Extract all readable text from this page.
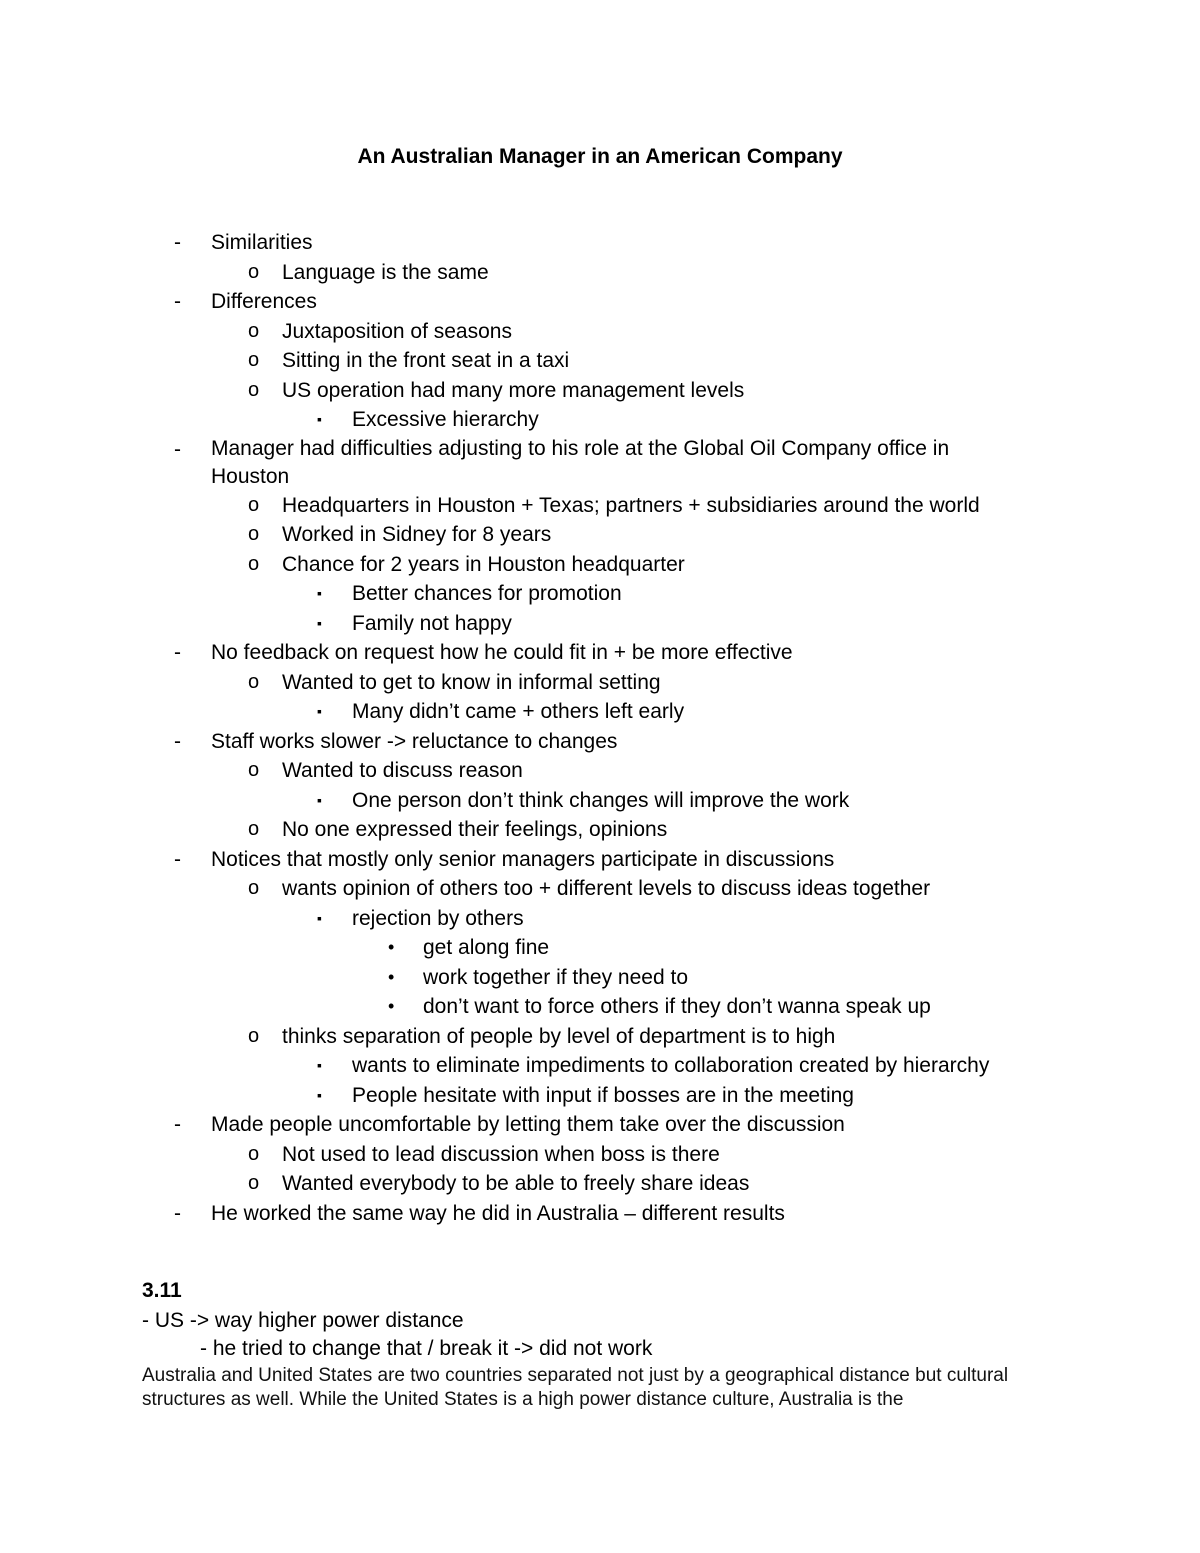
An Australian Manager in an American Company
- Similarities
o Language is the same
- Differences
o Juxtaposition of seasons
o Sitting in the front seat in a taxi
o US operation had many more management levels
▪ Excessive hierarchy
- Manager had difficulties adjusting to his role at the Global Oil Company office in Houston
o Headquarters in Houston + Texas; partners + subsidiaries around the world
o Worked in Sidney for 8 years
o Chance for 2 years in Houston headquarter
▪ Better chances for promotion
▪ Family not happy
- No feedback on request how he could fit in + be more effective
o Wanted to get to know in informal setting
▪ Many didn’t came + others left early
- Staff works slower -> reluctance to changes
o Wanted to discuss reason
▪ One person don’t think changes will improve the work
o No one expressed their feelings, opinions
- Notices that mostly only senior managers participate in discussions
o wants opinion of others too + different levels to discuss ideas together
▪ rejection by others
• get along fine
• work together if they need to
• don’t want to force others if they don’t wanna speak up
o thinks separation of people by level of department is to high
▪ wants to eliminate impediments to collaboration created by hierarchy
▪ People hesitate with input if bosses are in the meeting
- Made people uncomfortable by letting them take over the discussion
o Not used to lead discussion when boss is there
o Wanted everybody to be able to freely share ideas
- He worked the same way he did in Australia – different results
3.11
- US -> way higher power distance
- he tried to change that / break it -> did not work
Australia and United States are two countries separated not just by a geographical distance but cultural structures as well. While the United States is a high power distance culture, Australia is the
